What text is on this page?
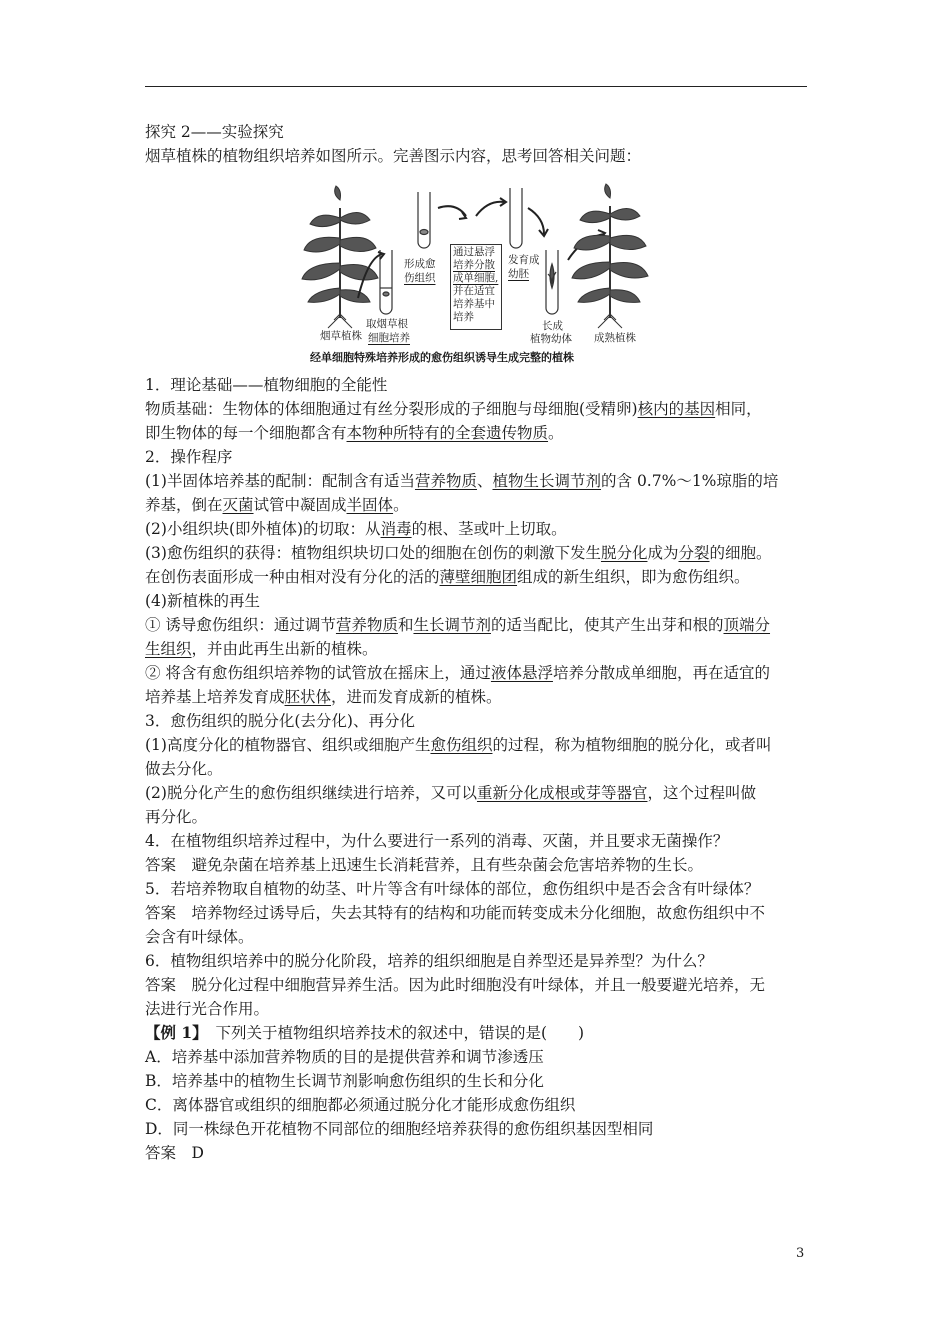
探究 2——实验探究
烟草植株的植物组织培养如图所示。完善图示内容，思考回答相关问题：
烟草植株
取烟草根
细胞培养
形成愈
伤组织
通过悬浮
培养分散
成单细胞,
并在适宜
培养基中
培养
发育成
幼胚
长成
植物幼体 成熟植株
经单细胞特殊培养形成的愈伤组织诱导生成完整的植株
1．理论基础——植物细胞的全能性
物质基础：生物体的体细胞通过有丝分裂形成的子细胞与母细胞(受精卵)核内的基因相同，
即生物体的每一个细胞都含有本物种所特有的全套遗传物质。
2．操作程序
(1)半固体培养基的配制：配制含有适当营养物质、植物生长调节剂的含 0.7%～1%琼脂的培
养基，倒在灭菌试管中凝固成半固体。
(2)小组织块(即外植体)的切取：从消毒的根、茎或叶上切取。
(3)愈伤组织的获得：植物组织块切口处的细胞在创伤的刺激下发生脱分化成为分裂的细胞。
在创伤表面形成一种由相对没有分化的活的薄壁细胞团组成的新生组织，即为愈伤组织。
(4)新植株的再生
① 诱导愈伤组织：通过调节营养物质和生长调节剂的适当配比，使其产生出芽和根的顶端分
生组织，并由此再生出新的植株。
② 将含有愈伤组织培养物的试管放在摇床上，通过液体悬浮培养分散成单细胞，再在适宜的
培养基上培养发育成胚状体，进而发育成新的植株。
3．愈伤组织的脱分化(去分化)、再分化
(1)高度分化的植物器官、组织或细胞产生愈伤组织的过程，称为植物细胞的脱分化，或者叫
做去分化。
(2)脱分化产生的愈伤组织继续进行培养，又可以重新分化成根或芽等器官，这个过程叫做
再分化。
4．在植物组织培养过程中，为什么要进行一系列的消毒、灭菌，并且要求无菌操作？
答案　避免杂菌在培养基上迅速生长消耗营养，且有些杂菌会危害培养物的生长。
5．若培养物取自植物的幼茎、叶片等含有叶绿体的部位，愈伤组织中是否会含有叶绿体？
答案　培养物经过诱导后，失去其特有的结构和功能而转变成未分化细胞，故愈伤组织中不
会含有叶绿体。
6．植物组织培养中的脱分化阶段，培养的组织细胞是自养型还是异养型？为什么？
答案　脱分化过程中细胞营异养生活。因为此时细胞没有叶绿体，并且一般要避光培养，无
法进行光合作用。
【例 1】　下列关于植物组织培养技术的叙述中，错误的是(　　)
A．培养基中添加营养物质的目的是提供营养和调节渗透压
B．培养基中的植物生长调节剂影响愈伤组织的生长和分化
C．离体器官或组织的细胞都必须通过脱分化才能形成愈伤组织
D．同一株绿色开花植物不同部位的细胞经培养获得的愈伤组织基因型相同
答案　D
3
